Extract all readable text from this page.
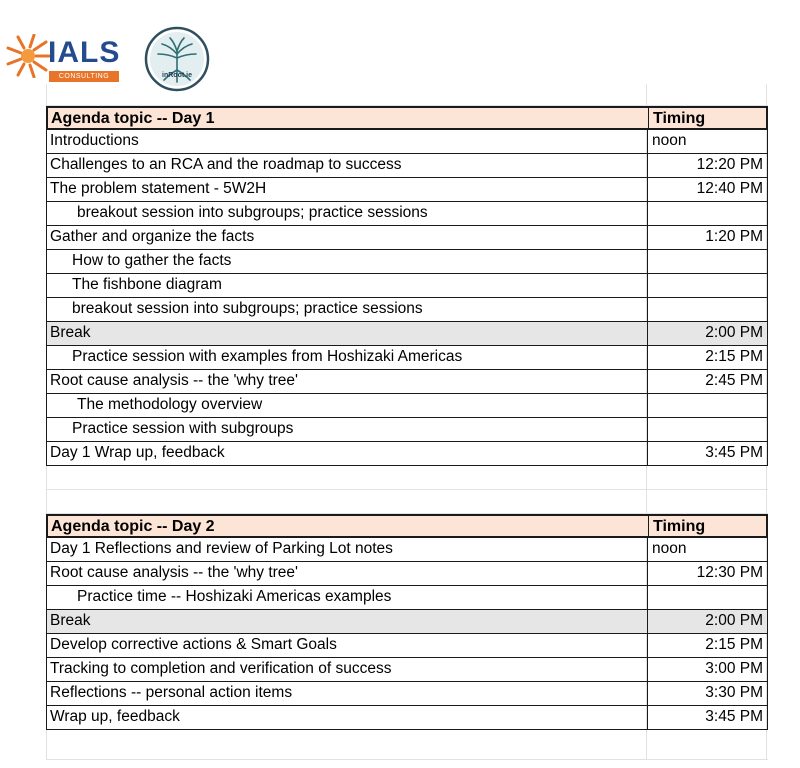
IALS
CONSULTING	inRoot.ie
Agenda topic -- Day 1	Timing
Introductions	noon
Challenges to an RCA and the roadmap to success	12:20 PM
The problem statement - 5W2H	12:40 PM
breakout session into subgroups; practice sessions
Gather and organize the facts	1:20 PM
How to gather the facts
The fishbone diagram
breakout session into subgroups; practice sessions
Break	2:00 PM
Practice session with examples from Hoshizaki Americas	2:15 PM
Root cause analysis -- the 'why tree'	2:45 PM
The methodology overview
Practice session with subgroups
Day 1 Wrap up, feedback	3:45 PM
Agenda topic -- Day 2	Timing
Day 1 Reflections and review of Parking Lot notes	noon
Root cause analysis -- the 'why tree'	12:30 PM
Practice time -- Hoshizaki Americas examples
Break	2:00 PM
Develop corrective actions & Smart Goals	2:15 PM
Tracking to completion and verification of success	3:00 PM
Reflections -- personal action items	3:30 PM
Wrap up, feedback	3:45 PM
